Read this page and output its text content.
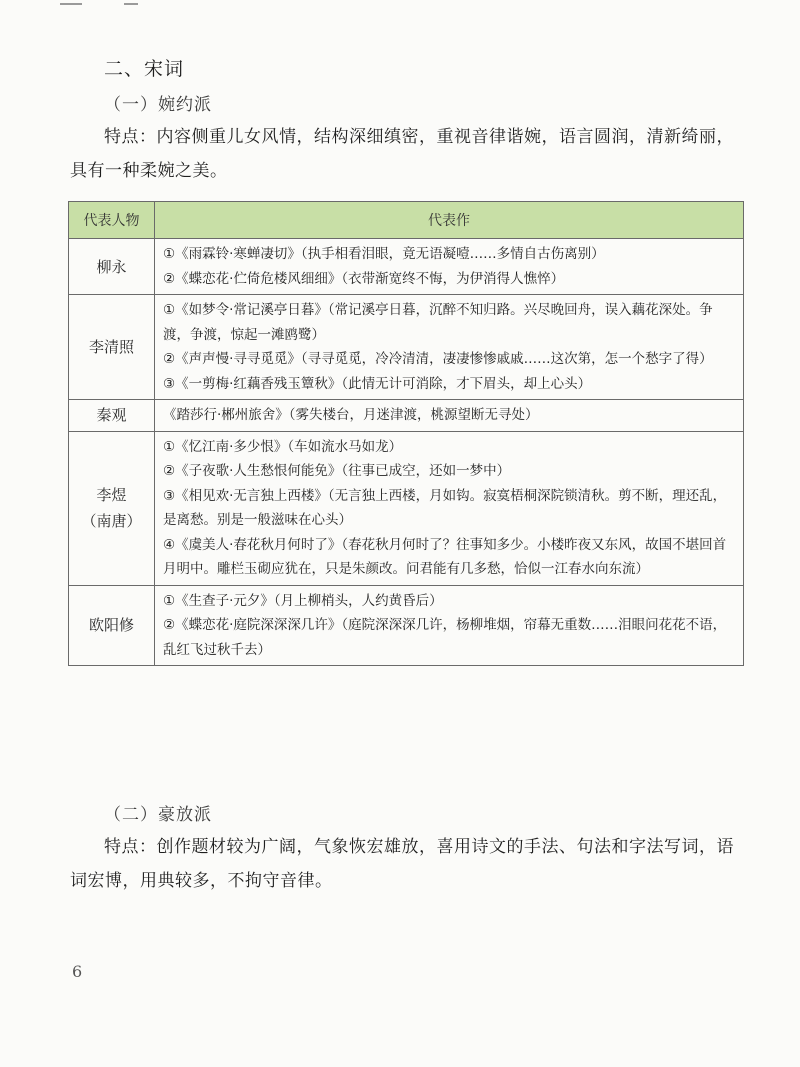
二、宋词
（一）婉约派
特点：内容侧重儿女风情，结构深细缜密，重视音律谐婉，语言圆润，清新绮丽，具有一种柔婉之美。
代表人物	代表作
柳永	①《雨霖铃·寒蝉凄切》（执手相看泪眼，竟无语凝噎……多情自古伤离别）
②《蝶恋花·伫倚危楼风细细》（衣带渐宽终不悔，为伊消得人憔悴）

李清照	①《如梦令·常记溪亭日暮》（常记溪亭日暮，沉醉不知归路。兴尽晚回舟，误入藕花深处。争渡，争渡，惊起一滩鸥鹭）
②《声声慢·寻寻觅觅》（寻寻觅觅，冷冷清清，凄凄惨惨戚戚……这次第，怎一个愁字了得）
③《一剪梅·红藕香残玉簟秋》（此情无计可消除，才下眉头，却上心头）

秦观	《踏莎行·郴州旅舍》（雾失楼台，月迷津渡，桃源望断无寻处）

李煜
（南唐）	①《忆江南·多少恨》（车如流水马如龙）
②《子夜歌·人生愁恨何能免》（往事已成空，还如一梦中）
③《相见欢·无言独上西楼》（无言独上西楼，月如钩。寂寞梧桐深院锁清秋。剪不断，理还乱，是离愁。别是一般滋味在心头）
④《虞美人·春花秋月何时了》（春花秋月何时了？往事知多少。小楼昨夜又东风，故国不堪回首月明中。雕栏玉砌应犹在，只是朱颜改。问君能有几多愁，恰似一江春水向东流）

欧阳修	①《生查子·元夕》（月上柳梢头，人约黄昏后）
②《蝶恋花·庭院深深深几许》（庭院深深深几许，杨柳堆烟，帘幕无重数……泪眼问花花不语，乱红飞过秋千去）
（二）豪放派
特点：创作题材较为广阔，气象恢宏雄放，喜用诗文的手法、句法和字法写词，语词宏博，用典较多，不拘守音律。
6
